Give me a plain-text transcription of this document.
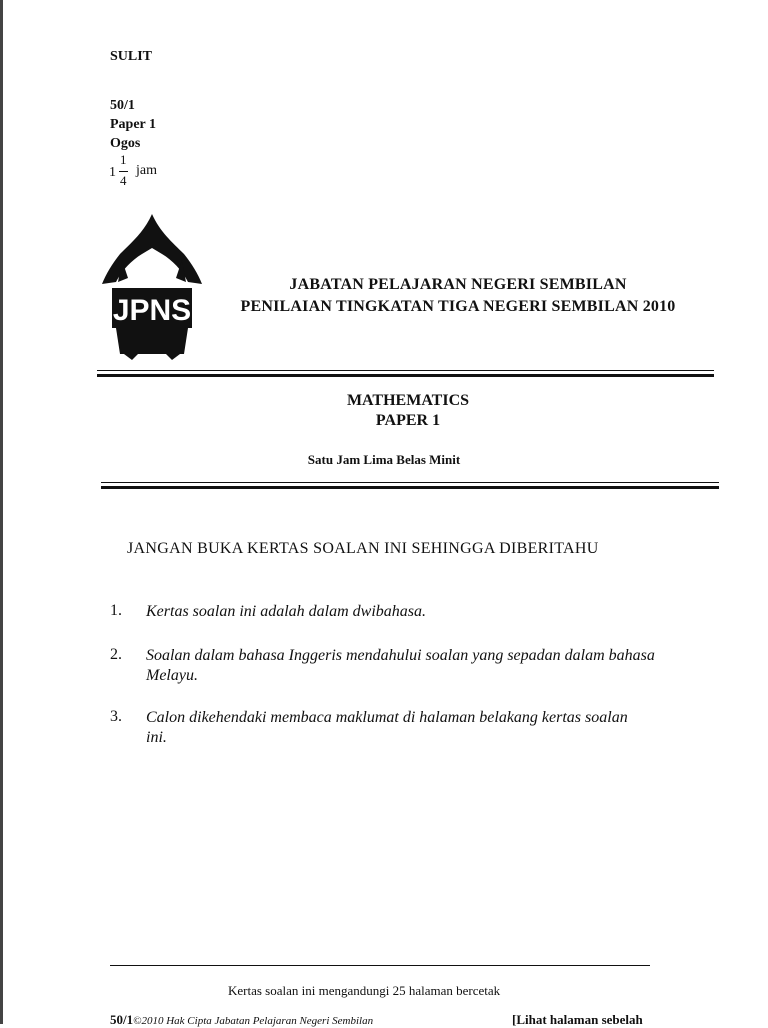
SULIT
50/1
Paper 1
Ogos
1
1
4
jam
JPNS
JABATAN PELAJARAN NEGERI SEMBILAN
PENILAIAN TINGKATAN TIGA NEGERI SEMBILAN 2010
MATHEMATICS
PAPER 1
Satu Jam Lima Belas Minit
JANGAN BUKA KERTAS SOALAN INI SEHINGGA DIBERITAHU
1. Kertas soalan ini adalah dalam dwibahasa.
2. Soalan dalam bahasa Inggeris mendahului soalan yang sepadan dalam bahasa Melayu.
3. Calon dikehendaki membaca maklumat di halaman belakang kertas soalan ini.
Kertas soalan ini mengandungi 25 halaman bercetak
50/1©2010 Hak Cipta Jabatan Pelajaran Negeri Sembilan	[Lihat halaman sebelah
